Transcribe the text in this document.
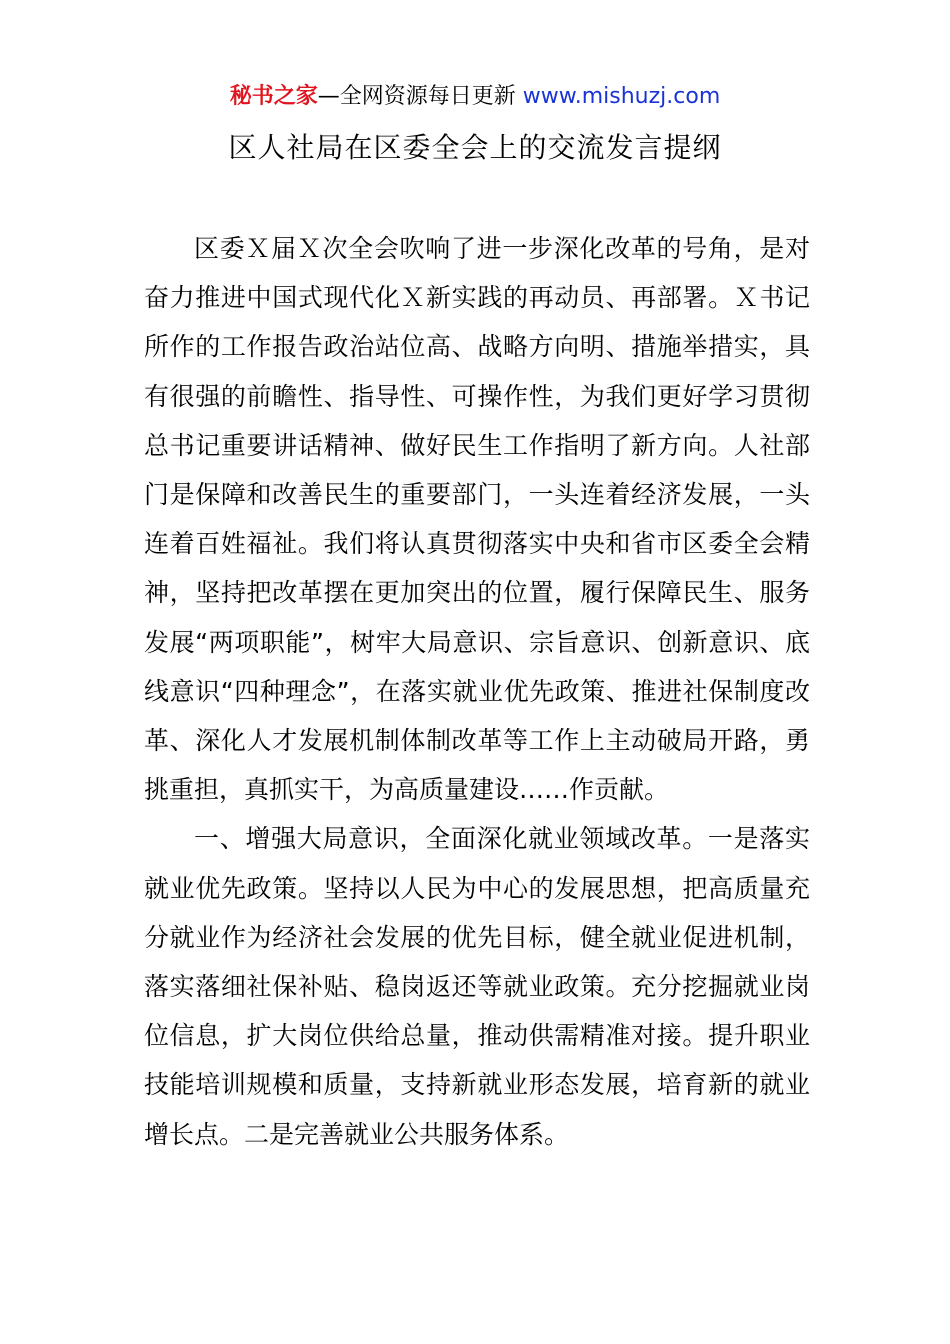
秘书之家—全网资源每日更新 www.mishuzj.com
区人社局在区委全会上的交流发言提纲

区委Ｘ届Ｘ次全会吹响了进一步深化改革的号角，是对奋力推进中国式现代化Ｘ新实践的再动员、再部署。Ｘ书记所作的工作报告政治站位高、战略方向明、措施举措实，具有很强的前瞻性、指导性、可操作性，为我们更好学习贯彻总书记重要讲话精神、做好民生工作指明了新方向。人社部门是保障和改善民生的重要部门，一头连着经济发展，一头连着百姓福祉。我们将认真贯彻落实中央和省市区委全会精神，坚持把改革摆在更加突出的位置，履行保障民生、服务发展“两项职能”，树牢大局意识、宗旨意识、创新意识、底线意识“四种理念”，在落实就业优先政策、推进社保制度改革、深化人才发展机制体制改革等工作上主动破局开路，勇挑重担，真抓实干，为高质量建设……作贡献。

一、增强大局意识，全面深化就业领域改革。一是落实就业优先政策。坚持以人民为中心的发展思想，把高质量充分就业作为经济社会发展的优先目标，健全就业促进机制，落实落细社保补贴、稳岗返还等就业政策。充分挖掘就业岗位信息，扩大岗位供给总量，推动供需精准对接。提升职业技能培训规模和质量，支持新就业形态发展，培育新的就业增长点。二是完善就业公共服务体系。
